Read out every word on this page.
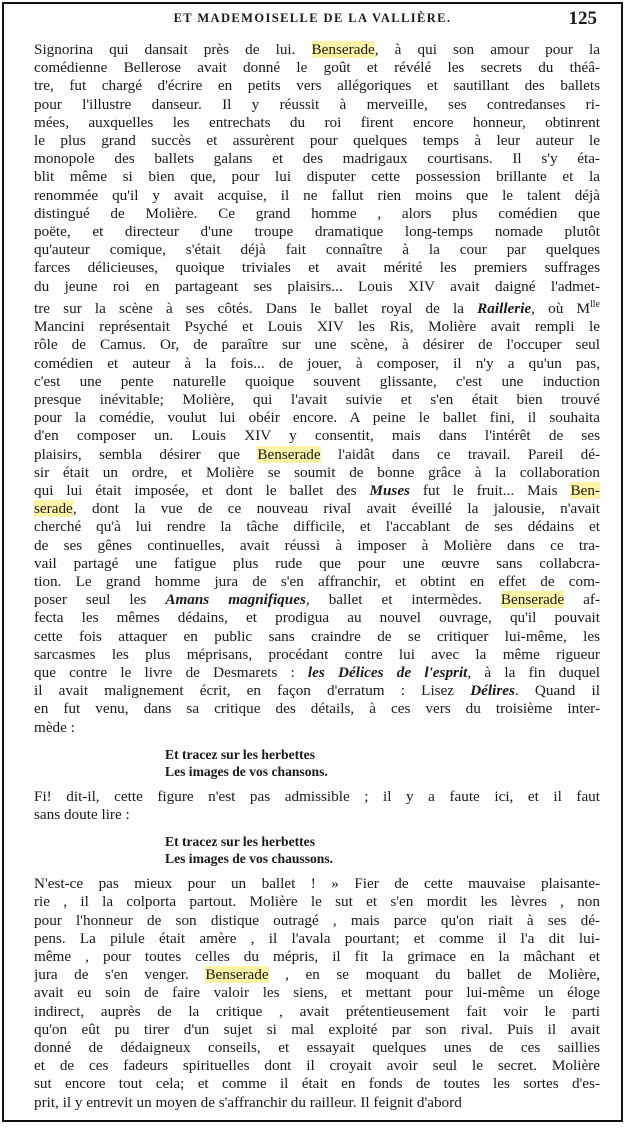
ET MADEMOISELLE DE LA VALLIÈRE.	125

Signorina qui dansait près de lui. Benserade, à qui son amour pour la
comédienne Bellerose avait donné le goût et révélé les secrets du théâ-
tre, fut chargé d'écrire en petits vers allégoriques et sautillant des ballets
pour l'illustre danseur. Il y réussit à merveille, ses contredanses ri-
mées, auxquelles les entrechats du roi firent encore honneur, obtinrent
le plus grand succès et assurèrent pour quelques temps à leur auteur le
monopole des ballets galans et des madrigaux courtisans. Il s'y éta-
blit même si bien que, pour lui disputer cette possession brillante et la
renommée qu'il y avait acquise, il ne fallut rien moins que le talent déjà
distingué de Molière. Ce grand homme , alors plus comédien que
poëte, et directeur d'une troupe dramatique long-temps nomade plutôt
qu'auteur comique, s'était déjà fait connaître à la cour par quelques
farces délicieuses, quoique triviales et avait mérité les premiers suffrages
du jeune roi en partageant ses plaisirs... Louis XIV avait daigné l'admet-
tre sur la scène à ses côtés. Dans le ballet royal de la Raillerie, où $M^{lle}$
Mancini représentait Psyché et Louis XIV les Ris, Molière avait rempli le
rôle de Camus. Or, de paraître sur une scène, à désirer de l'occuper seul
comédien et auteur à la fois... de jouer, à composer, il n'y a qu'un pas,
c'est une pente naturelle quoique souvent glissante, c'est une induction
presque inévitable; Molière, qui l'avait suivie et s'en était bien trouvé
pour la comédie, voulut lui obéir encore. A peine le ballet fini, il souhaita
d'en composer un. Louis XIV y consentit, mais dans l'intérêt de ses
plaisirs, sembla désirer que Benserade l'aidât dans ce travail. Pareil dé-
sir était un ordre, et Molière se soumit de bonne grâce à la collaboration
qui lui était imposée, et dont le ballet des Muses fut le fruit... Mais Ben-
serade, dont la vue de ce nouveau rival avait éveillé la jalousie, n'avait
cherché qu'à lui rendre la tâche difficile, et l'accablant de ses dédains et
de ses gênes continuelles, avait réussi à imposer à Molière dans ce tra-
vail partagé une fatigue plus rude que pour une œuvre sans collabcra-
tion. Le grand homme jura de s'en affranchir, et obtint en effet de com-
poser seul les Amans magnifiques, ballet et intermèdes. Benserade af-
fecta les mêmes dédains, et prodigua au nouvel ouvrage, qu'il pouvait
cette fois attaquer en public sans craindre de se critiquer lui-même, les
sarcasmes les plus méprisans, procédant contre lui avec la même rigueur
que contre le livre de Desmarets : les Délices de l'esprit, à la fin duquel
il avait malignement écrit, en façon d'erratum : Lisez Délires. Quand il
en fut venu, dans sa critique des détails, à ces vers du troisième inter-
mède :

Et tracez sur les herbettes
Les images de vos chansons.

Fi! dit-il, cette figure n'est pas admissible ; il y a faute ici, et il faut
sans doute lire :

Et tracez sur les herbettes
Les images de vos chaussons.

N'est-ce pas mieux pour un ballet ! » Fier de cette mauvaise plaisante-
rie , il la colporta partout. Molière le sut et s'en mordit les lèvres , non
pour l'honneur de son distique outragé , mais parce qu'on riait à ses dé-
pens. La pilule était amère , il l'avala pourtant; et comme il l'a dit lui-
même , pour toutes celles du mépris, il fit la grimace en la mâchant et
jura de s'en venger. Benserade , en se moquant du ballet de Molière,
avait eu soin de faire valoir les siens, et mettant pour lui-même un éloge
indirect, auprès de la critique , avait prétentieusement fait voir le parti
qu'on eût pu tirer d'un sujet si mal exploité par son rival. Puis il avait
donné de dédaigneux conseils, et essayait quelques unes de ces saillies
et de ces fadeurs spirituelles dont il croyait avoir seul le secret. Molière
sut encore tout cela; et comme il était en fonds de toutes les sortes d'es-
prit, il y entrevit un moyen de s'affranchir du railleur. Il feignit d'abord
